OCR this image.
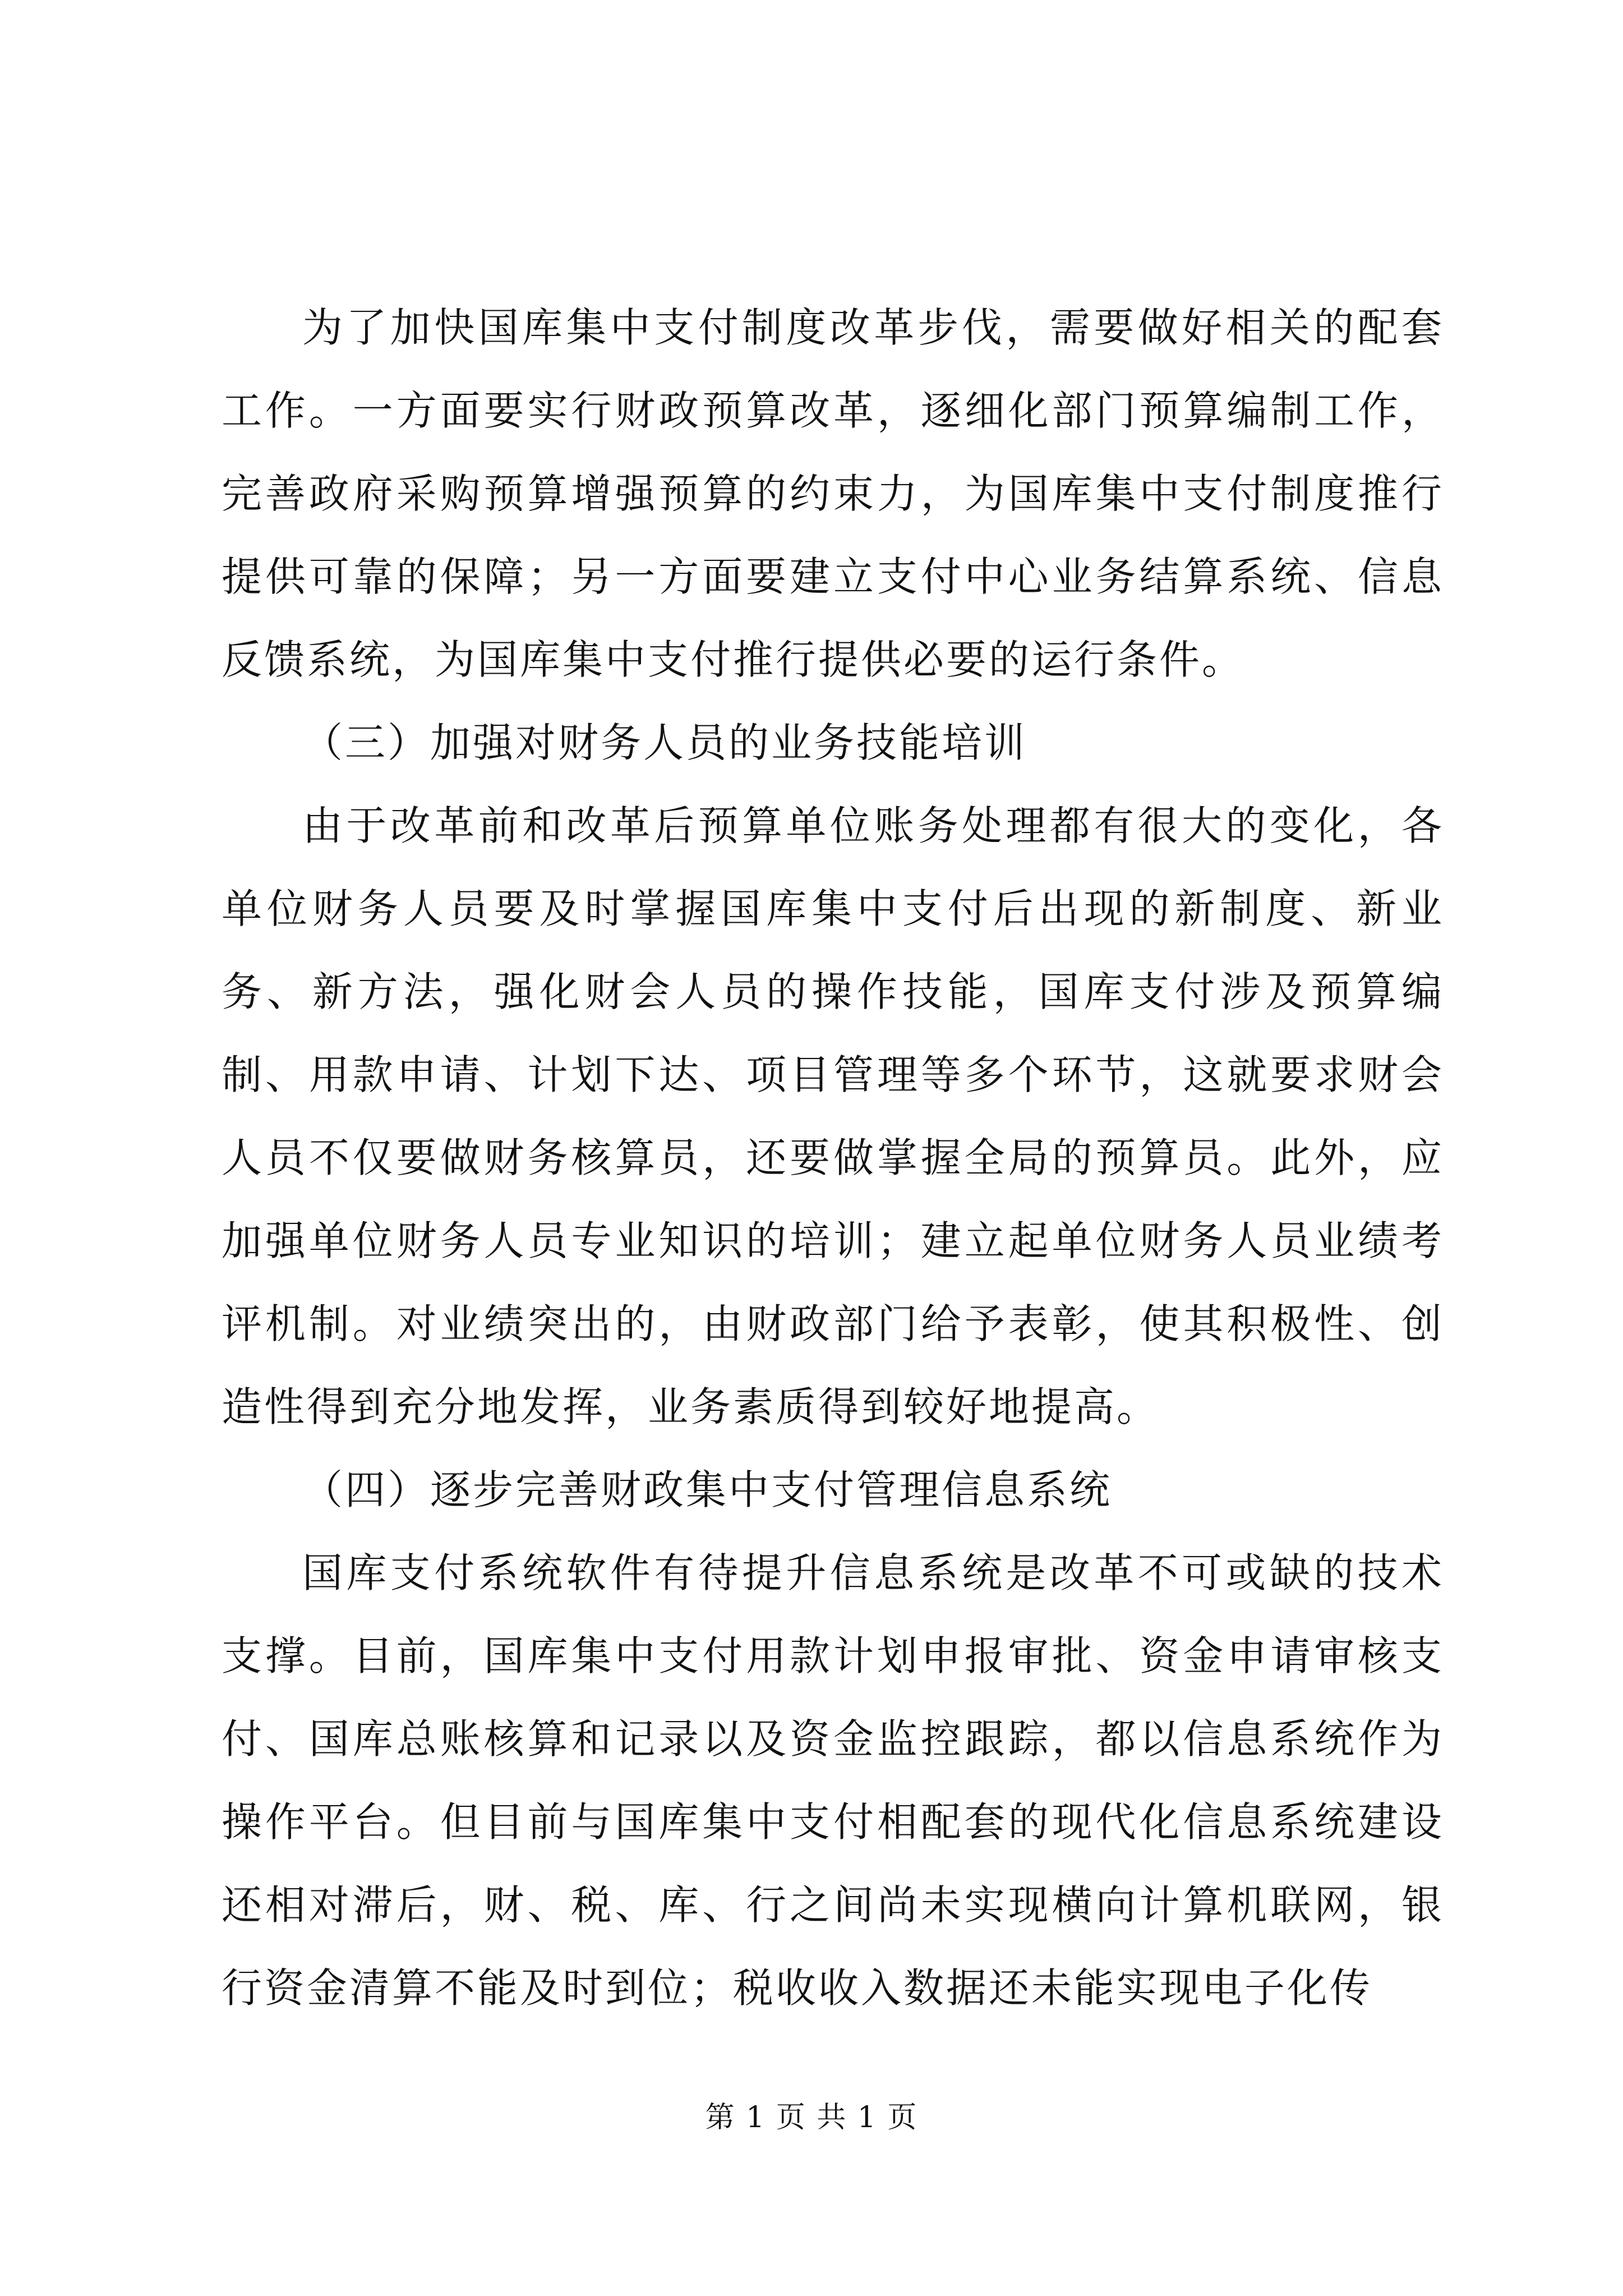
为了加快国库集中支付制度改革步伐，需要做好相关的配套工作。一方面要实行财政预算改革，逐细化部门预算编制工作，完善政府采购预算增强预算的约束力，为国库集中支付制度推行提供可靠的保障；另一方面要建立支付中心业务结算系统、信息反馈系统，为国库集中支付推行提供必要的运行条件。

（三）加强对财务人员的业务技能培训

由于改革前和改革后预算单位账务处理都有很大的变化，各单位财务人员要及时掌握国库集中支付后出现的新制度、新业务、新方法，强化财会人员的操作技能，国库支付涉及预算编制、用款申请、计划下达、项目管理等多个环节，这就要求财会人员不仅要做财务核算员，还要做掌握全局的预算员。此外，应加强单位财务人员专业知识的培训；建立起单位财务人员业绩考评机制。对业绩突出的，由财政部门给予表彰，使其积极性、创造性得到充分地发挥，业务素质得到较好地提高。

（四）逐步完善财政集中支付管理信息系统

国库支付系统软件有待提升信息系统是改革不可或缺的技术支撑。目前，国库集中支付用款计划申报审批、资金申请审核支付、国库总账核算和记录以及资金监控跟踪，都以信息系统作为操作平台。但目前与国库集中支付相配套的现代化信息系统建设还相对滞后，财、税、库、行之间尚未实现横向计算机联网，银行资金清算不能及时到位；税收收入数据还未能实现电子化传

第 1 页 共 1 页
